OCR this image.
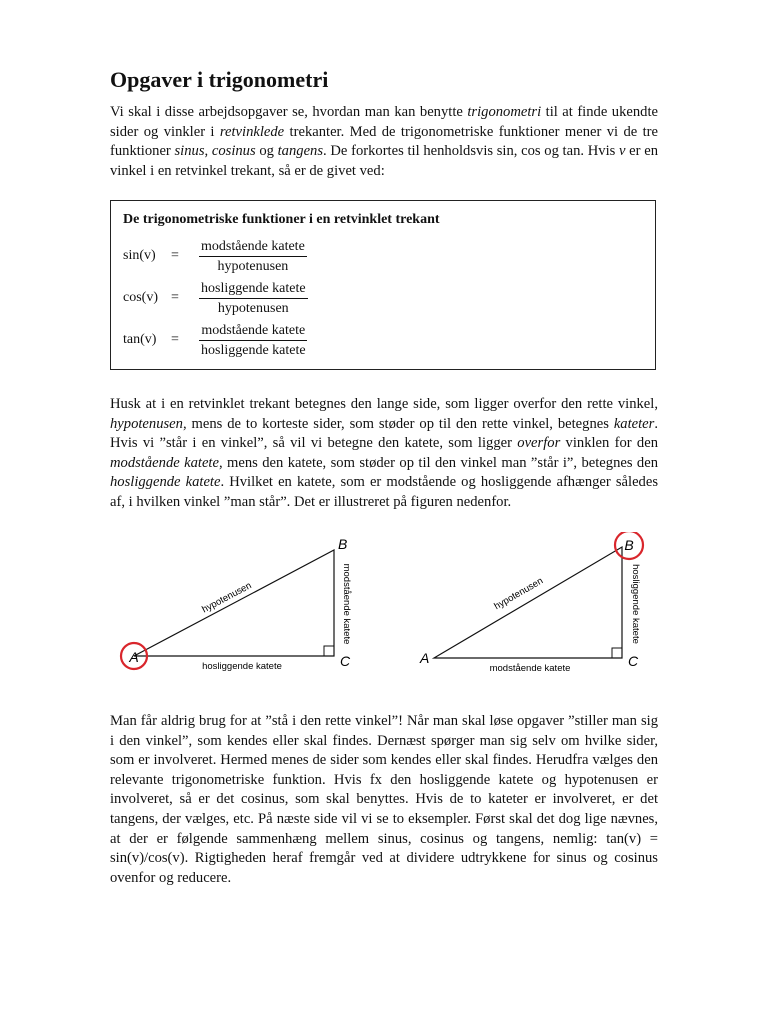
Opgaver i trigonometri

Vi skal i disse arbejdsopgaver se, hvordan man kan benytte trigonometri til at finde ukendte sider og vinkler i retvinklede trekanter. Med de trigonometriske funktioner mener vi de tre funktioner sinus, cosinus og tangens. De forkortes til henholdsvis sin, cos og tan. Hvis v er en vinkel i en retvinkel trekant, så er de givet ved:

De trigonometriske funktioner i en retvinklet trekant
sin(v)	=	$\frac{\text{modstående katete}}{\text{hypotenusen}}$
cos(v) =	$\frac{\text{hosliggende katete}}{\text{hypotenusen}}$
tan(v)	=	$\frac{\text{modstående katete}}{\text{hosliggende katete}}$

Husk at i en retvinklet trekant betegnes den lange side, som ligger overfor den rette vinkel, hypotenusen, mens de to korteste sider, som støder op til den rette vinkel, betegnes kateter. Hvis vi ”står i en vinkel”, så vil vi betegne den katete, som ligger overfor vinklen for den modstående katete, mens den katete, som støder op til den vinkel man ”står i”, betegnes den hosliggende katete. Hvilket en katete, som er modstående og hosliggende afhænger således af, i hvilken vinkel ”man står”. Det er illustreret på figuren nedenfor.

Man får aldrig brug for at ”stå i den rette vinkel”! Når man skal løse opgaver ”stiller man sig i den vinkel”, som kendes eller skal findes. Dernæst spørger man sig selv om hvilke sider, som er involveret. Hermed menes de sider som kendes eller skal findes. Herudfra vælges den relevante trigonometriske funktion. Hvis fx den hosliggende katete og hypotenusen er involveret, så er det cosinus, som skal benyttes. Hvis de to kateter er involveret, er det tangens, der vælges, etc. På næste side vil vi se to eksempler. Først skal det dog lige nævnes, at der er følgende sammenhæng mellem sinus, cosinus og tangens, nemlig: tan(v) = sin(v)/cos(v). Rigtigheden heraf fremgår ved at dividere udtrykkene for sinus og cosinus ovenfor og reducere.

A
B
C
hypotenusen
hosliggende katete
modstående katete
B
A	C
hypotenusen
modstående katete
hosliggende katete
